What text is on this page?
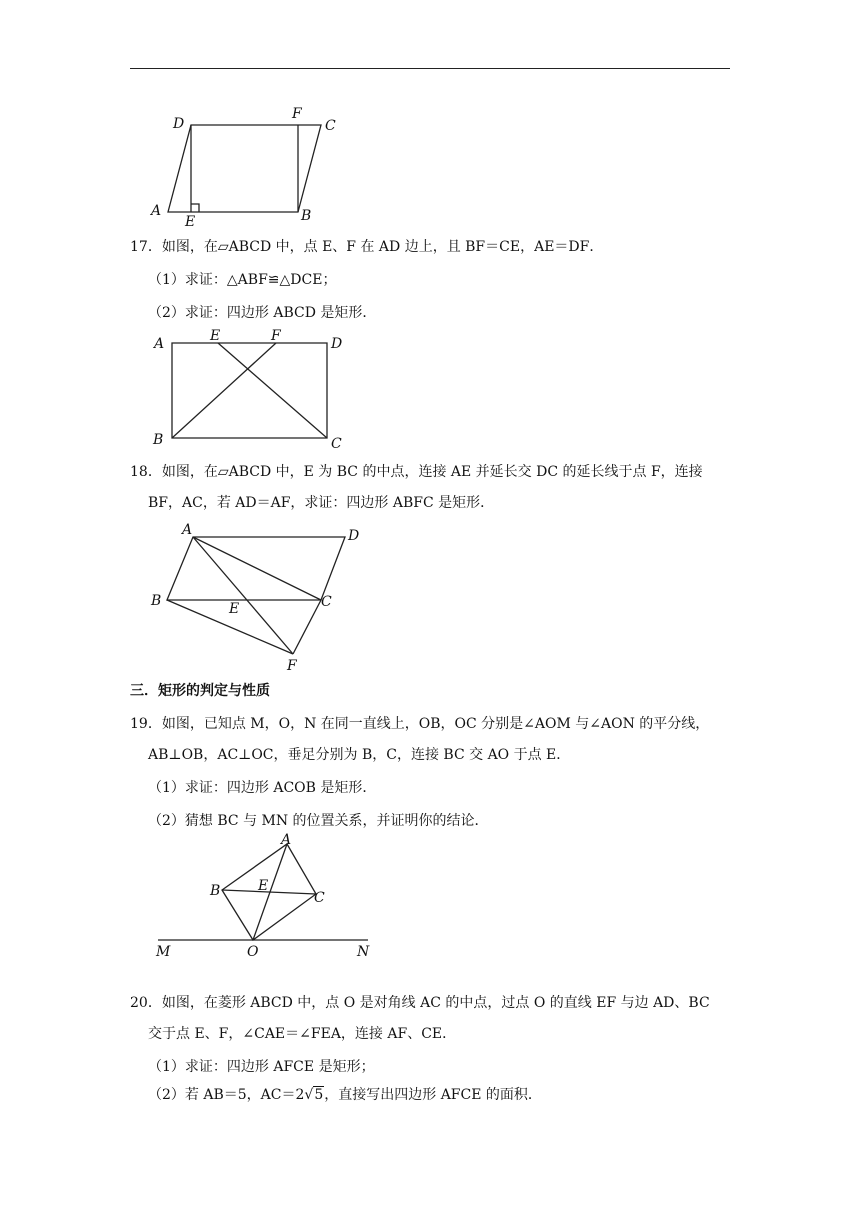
D
F
C
A
E	B
17．如图，在▱ABCD 中，点 E、F 在 AD 边上，且 BF＝CE，AE＝DF．
（1）求证：△ABF≌△DCE；
（2）求证：四边形 ABCD 是矩形．
A	E	F	D
B	C
18．如图，在▱ABCD 中，E 为 BC 的中点，连接 AE 并延长交 DC 的延长线于点 F，连接
BF，AC，若 AD＝AF，求证：四边形 ABFC 是矩形．
A	D
B	E	C
F
三．矩形的判定与性质
19．如图，已知点 M，O，N 在同一直线上，OB，OC 分别是∠AOM 与∠AON 的平分线，
AB⊥OB，AC⊥OC，垂足分别为 B，C，连接 BC 交 AO 于点 E．
（1）求证：四边形 ACOB 是矩形．
（2）猜想 BC 与 MN 的位置关系，并证明你的结论．
A
B	E
C
M	O	N
20．如图，在菱形 ABCD 中，点 O 是对角线 AC 的中点，过点 O 的直线 EF 与边 AD、BC
交于点 E、F，∠CAE＝∠FEA，连接 AF、CE．
（1）求证：四边形 AFCE 是矩形；
（2）若 AB＝5，AC＝2√5，直接写出四边形 AFCE 的面积．
